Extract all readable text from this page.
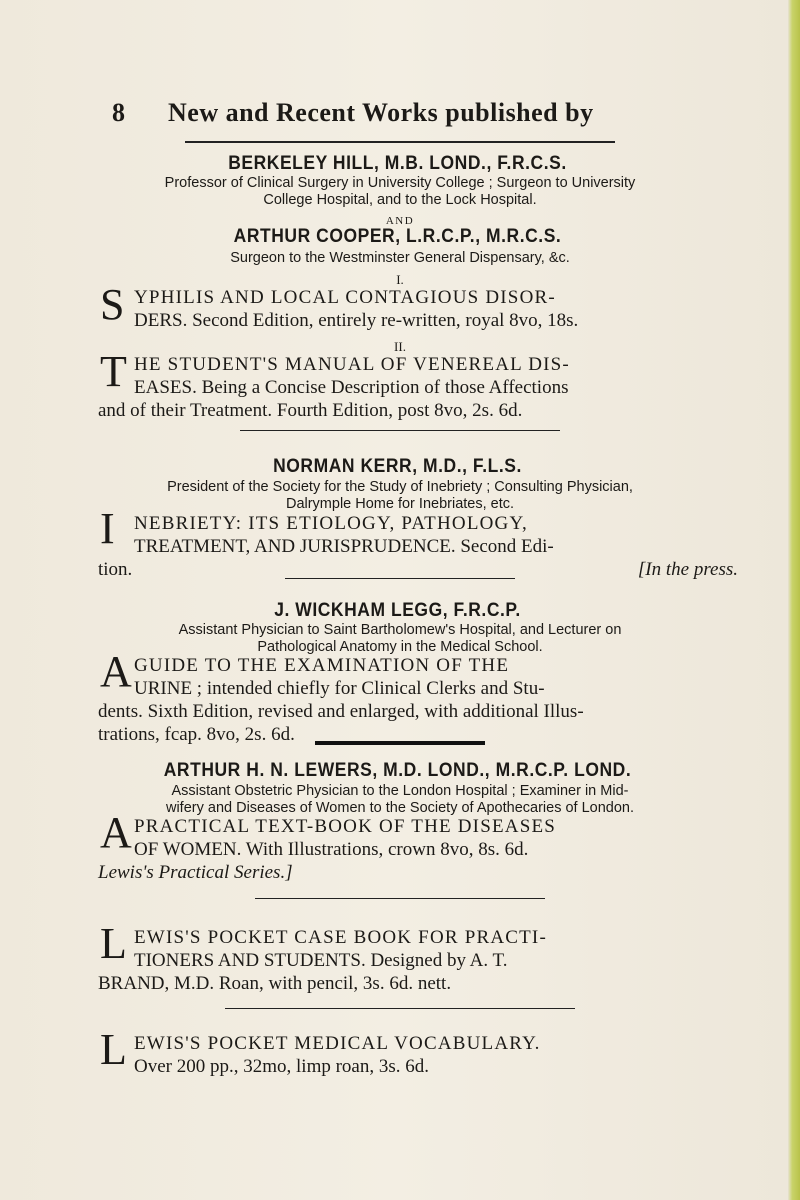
8 New and Recent Works published by
BERKELEY HILL, M.B. LOND., F.R.C.S.
Professor of Clinical Surgery in University College ; Surgeon to University
College Hospital, and to the Lock Hospital.
AND
ARTHUR COOPER, L.R.C.P., M.R.C.S.
Surgeon to the Westminster General Dispensary, &c.
I.
S YPHILIS AND LOCAL CONTAGIOUS DISOR-
DERS. Second Edition, entirely re-written, royal 8vo, 18s.
II.
T HE STUDENT'S MANUAL OF VENEREAL DIS-
EASES. Being a Concise Description of those Affections
and of their Treatment. Fourth Edition, post 8vo, 2s. 6d.
NORMAN KERR, M.D., F.L.S.
President of the Society for the Study of Inebriety ; Consulting Physician,
Dalrymple Home for Inebriates, etc.
I	NEBRIETY: ITS ETIOLOGY, PATHOLOGY,
TREATMENT, AND JURISPRUDENCE. Second Edi-
tion.	[In the press.
J. WICKHAM LEGG, F.R.C.P.
Assistant Physician to Saint Bartholomew's Hospital, and Lecturer on
Pathological Anatomy in the Medical School.
A GUIDE TO THE EXAMINATION OF THE
URINE ; intended chiefly for Clinical Clerks and Stu-
dents. Sixth Edition, revised and enlarged, with additional Illus-
trations, fcap. 8vo, 2s. 6d.
ARTHUR H. N. LEWERS, M.D. LOND., M.R.C.P. LOND.
Assistant Obstetric Physician to the London Hospital ; Examiner in Mid-
wifery and Diseases of Women to the Society of Apothecaries of London.
A PRACTICAL TEXT-BOOK OF THE DISEASES
OF WOMEN. With Illustrations, crown 8vo, 8s. 6d.
Lewis's Practical Series.]
L EWIS'S POCKET CASE BOOK FOR PRACTI-
TIONERS AND STUDENTS. Designed by A. T.
BRAND, M.D. Roan, with pencil, 3s. 6d. nett.
L EWIS'S POCKET MEDICAL VOCABULARY.
Over 200 pp., 32mo, limp roan, 3s. 6d.
